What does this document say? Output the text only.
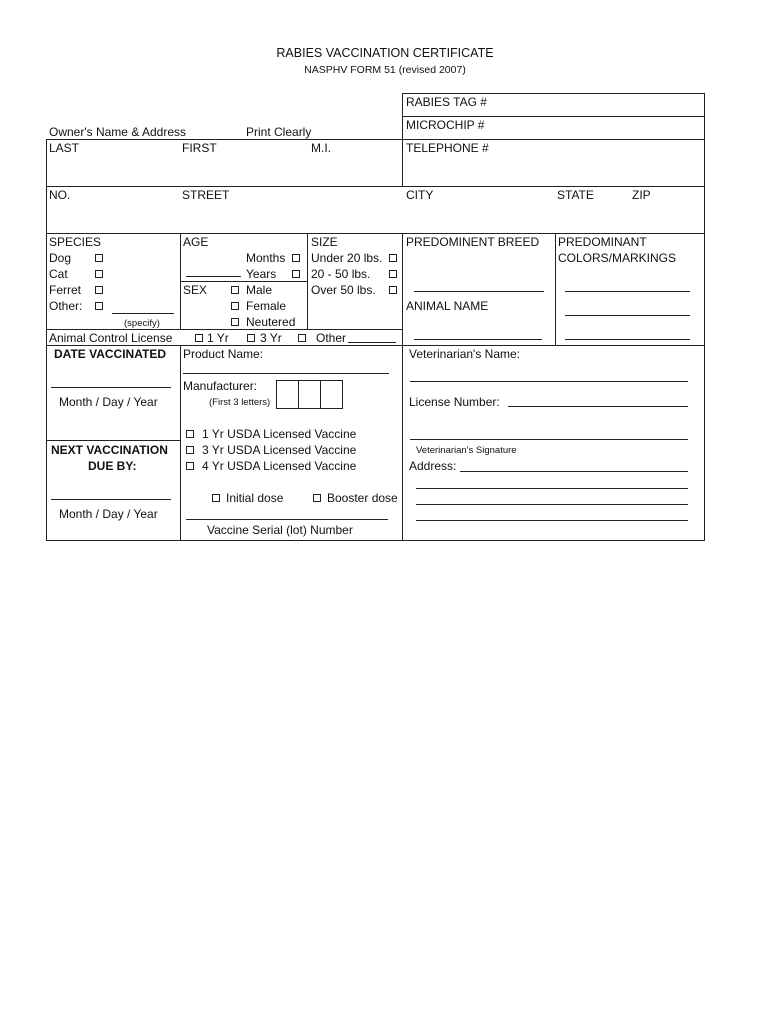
RABIES VACCINATION CERTIFICATE
NASPHV FORM 51 (revised 2007)
RABIES TAG #
MICROCHIP #
TELEPHONE #
Owner's Name & Address	Print Clearly
LAST	FIRST	M.I.
NO.	STREET	CITY	STATE	ZIP
SPECIES
Dog
Cat
Ferret
Other:
(specify)
AGE
Months
Years
SEX	Male
Female
Neutered
SIZE
Under 20 lbs.
20 - 50 lbs.
Over 50 lbs.
PREDOMINENT BREED
ANIMAL NAME
PREDOMINANT
COLORS/MARKINGS
Animal Control License	1 Yr	3 Yr	Other
DATE VACCINATED
Month / Day / Year
NEXT VACCINATION
DUE BY:
Month / Day / Year
Product Name:
Manufacturer:
(First 3 letters)
1 Yr USDA Licensed Vaccine
3 Yr USDA Licensed Vaccine
4 Yr USDA Licensed Vaccine
Initial dose	Booster dose
Vaccine Serial (lot) Number
Veterinarian's Name:
License Number:
Veterinarian's Signature
Address:
